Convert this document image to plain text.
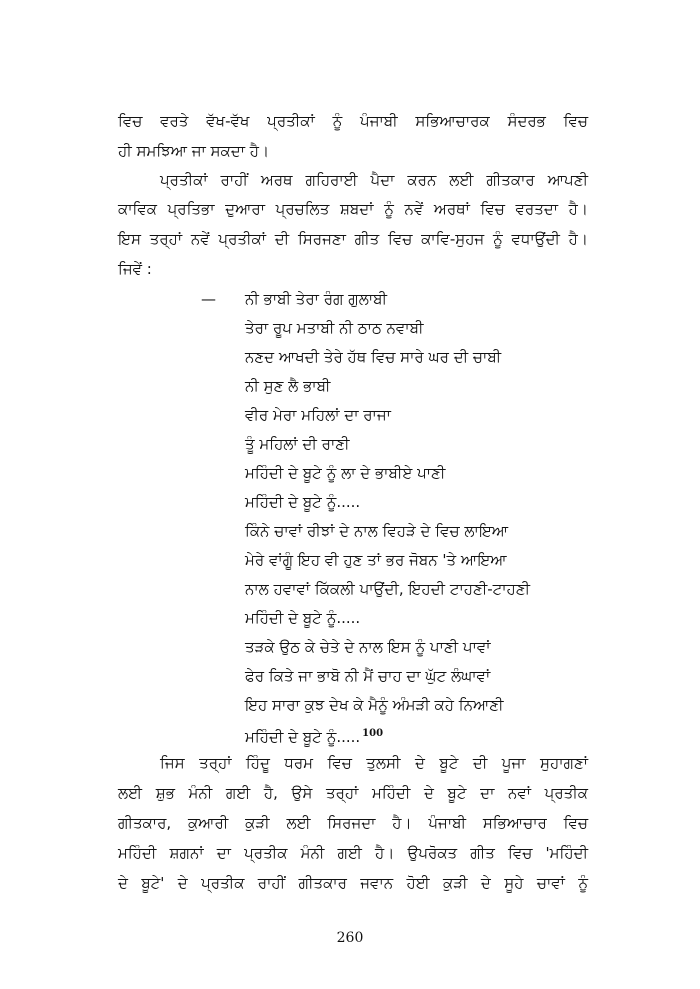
ਵਿਚ ਵਰਤੇ ਵੱਖ-ਵੱਖ ਪ੍ਰਤੀਕਾਂ ਨੂੰ ਪੰਜਾਬੀ ਸਭਿਆਚਾਰਕ ਸੰਦਰਭ ਵਿਚ
ਹੀ ਸਮਝਿਆ ਜਾ ਸਕਦਾ ਹੈ।
ਪ੍ਰਤੀਕਾਂ ਰਾਹੀਂ ਅਰਥ ਗਹਿਰਾਈ ਪੈਦਾ ਕਰਨ ਲਈ ਗੀਤਕਾਰ ਆਪਣੀ
ਕਾਵਿਕ ਪ੍ਰਤਿਭਾ ਦੁਆਰਾ ਪ੍ਰਚਲਿਤ ਸ਼ਬਦਾਂ ਨੂੰ ਨਵੇਂ ਅਰਥਾਂ ਵਿਚ ਵਰਤਦਾ ਹੈ।
ਇਸ ਤਰ੍ਹਾਂ ਨਵੇਂ ਪ੍ਰਤੀਕਾਂ ਦੀ ਸਿਰਜਣਾ ਗੀਤ ਵਿਚ ਕਾਵਿ-ਸੁਹਜ ਨੂੰ ਵਧਾਉਂਦੀ ਹੈ।
ਜਿਵੇਂ :
— ਨੀ ਭਾਬੀ ਤੇਰਾ ਰੰਗ ਗੁਲਾਬੀ
ਤੇਰਾ ਰੂਪ ਮਤਾਬੀ ਨੀ ਠਾਠ ਨਵਾਬੀ
ਨਣਦ ਆਖਦੀ ਤੇਰੇ ਹੱਥ ਵਿਚ ਸਾਰੇ ਘਰ ਦੀ ਚਾਬੀ
ਨੀ ਸੁਣ ਲੈ ਭਾਬੀ
ਵੀਰ ਮੇਰਾ ਮਹਿਲਾਂ ਦਾ ਰਾਜਾ
ਤੂੰ ਮਹਿਲਾਂ ਦੀ ਰਾਣੀ
ਮਹਿੰਦੀ ਦੇ ਬੂਟੇ ਨੂੰ ਲਾ ਦੇ ਭਾਬੀਏ ਪਾਣੀ
ਮਹਿੰਦੀ ਦੇ ਬੂਟੇ ਨੂੰ.....
ਕਿੰਨੇ ਚਾਵਾਂ ਰੀਝਾਂ ਦੇ ਨਾਲ ਵਿਹੜੇ ਦੇ ਵਿਚ ਲਾਇਆ
ਮੇਰੇ ਵਾਂਗੂੰ ਇਹ ਵੀ ਹੁਣ ਤਾਂ ਭਰ ਜੋਬਨ 'ਤੇ ਆਇਆ
ਨਾਲ ਹਵਾਵਾਂ ਕਿੱਕਲੀ ਪਾਉਂਦੀ, ਇਹਦੀ ਟਾਹਣੀ-ਟਾਹਣੀ
ਮਹਿੰਦੀ ਦੇ ਬੂਟੇ ਨੂੰ.....
ਤੜਕੇ ਉਠ ਕੇ ਚੇਤੇ ਦੇ ਨਾਲ ਇਸ ਨੂੰ ਪਾਣੀ ਪਾਵਾਂ
ਫੇਰ ਕਿਤੇ ਜਾ ਭਾਬੋ ਨੀ ਮੈਂ ਚਾਹ ਦਾ ਘੁੱਟ ਲੰਘਾਵਾਂ
ਇਹ ਸਾਰਾ ਕੁਝ ਦੇਖ ਕੇ ਮੈਨੂੰ ਅੰਮੜੀ ਕਹੇ ਨਿਆਣੀ
ਮਹਿੰਦੀ ਦੇ ਬੂਟੇ ਨੂੰ..... $^{100}$
ਜਿਸ ਤਰ੍ਹਾਂ ਹਿੰਦੂ ਧਰਮ ਵਿਚ ਤੁਲਸੀ ਦੇ ਬੂਟੇ ਦੀ ਪੂਜਾ ਸੁਹਾਗਣਾਂ
ਲਈ ਸ਼ੁਭ ਮੰਨੀ ਗਈ ਹੈ, ਉਸੇ ਤਰ੍ਹਾਂ ਮਹਿੰਦੀ ਦੇ ਬੂਟੇ ਦਾ ਨਵਾਂ ਪ੍ਰਤੀਕ
ਗੀਤਕਾਰ, ਕੁਆਰੀ ਕੁੜੀ ਲਈ ਸਿਰਜਦਾ ਹੈ। ਪੰਜਾਬੀ ਸਭਿਆਚਾਰ ਵਿਚ
ਮਹਿੰਦੀ ਸ਼ਗਨਾਂ ਦਾ ਪ੍ਰਤੀਕ ਮੰਨੀ ਗਈ ਹੈ। ਉਪਰੋਕਤ ਗੀਤ ਵਿਚ 'ਮਹਿੰਦੀ
ਦੇ ਬੂਟੇ' ਦੇ ਪ੍ਰਤੀਕ ਰਾਹੀਂ ਗੀਤਕਾਰ ਜਵਾਨ ਹੋਈ ਕੁੜੀ ਦੇ ਸੂਹੇ ਚਾਵਾਂ ਨੂੰ
260
